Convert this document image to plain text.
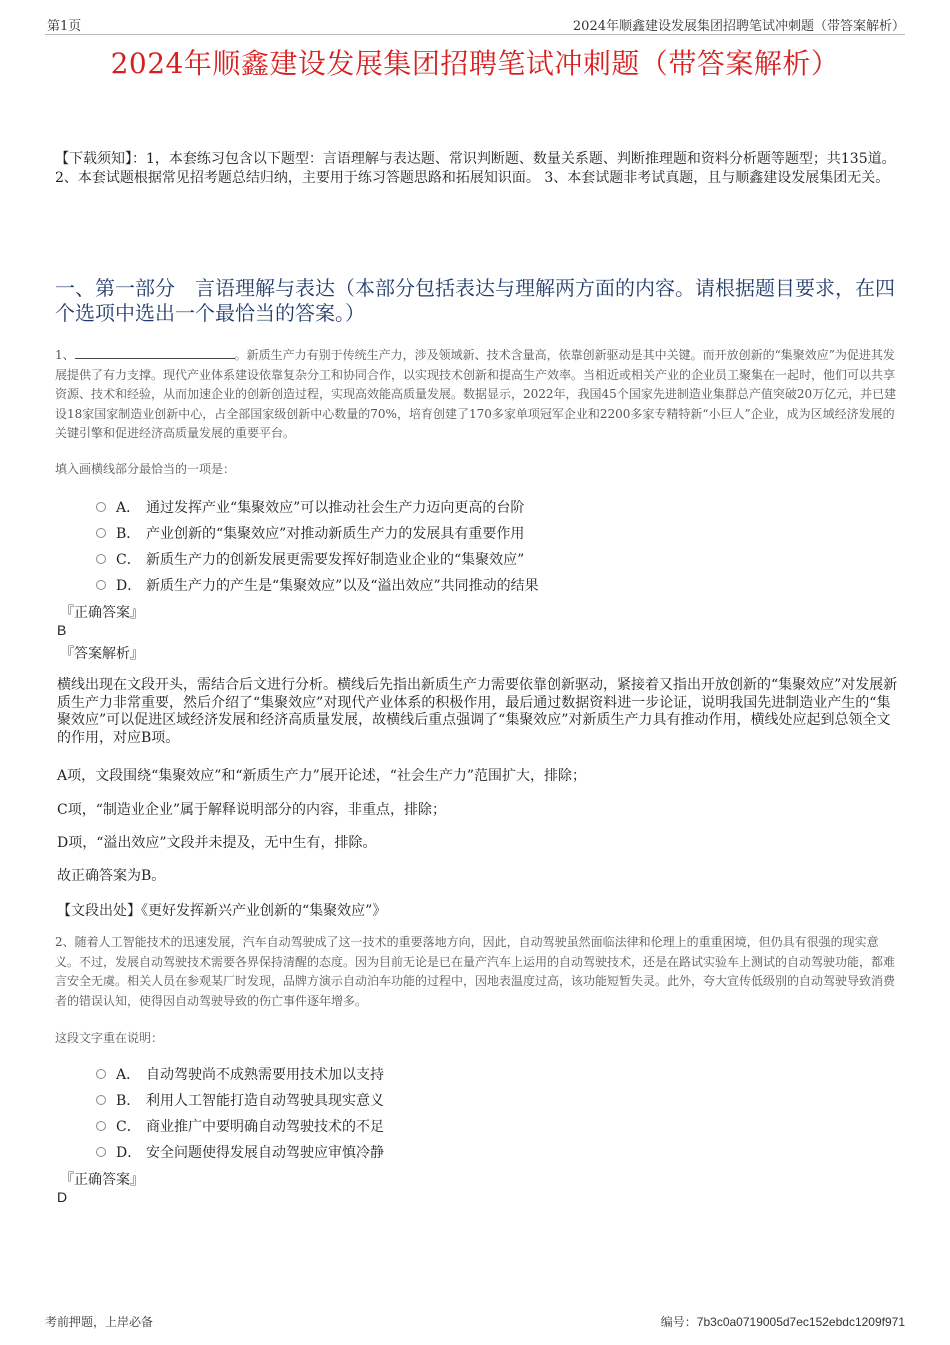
第1页	2024年顺鑫建设发展集团招聘笔试冲刺题（带答案解析）
2024年顺鑫建设发展集团招聘笔试冲刺题（带答案解析）
【下载须知】：1，本套练习包含以下题型：言语理解与表达题、常识判断题、数量关系题、判断推理题和资料分析题等题型；共135道。 2、本套试题根据常见招考题总结归纳，主要用于练习答题思路和拓展知识面。 3、本套试题非考试真题，且与顺鑫建设发展集团无关。
一、第一部分　言语理解与表达（本部分包括表达与理解两方面的内容。请根据题目要求，在四个选项中选出一个最恰当的答案。）
1、	。新质生产力有别于传统生产力，涉及领域新、技术含量高，依靠创新驱动是其中关键。而开放创新的“集聚效应”为促进其发展提供了有力支撑。现代产业体系建设依靠复杂分工和协同合作，以实现技术创新和提高生产效率。当相近或相关产业的企业员工聚集在一起时，他们可以共享资源、技术和经验，从而加速企业的创新创造过程，实现高效能高质量发展。数据显示，2022年，我国45个国家先进制造业集群总产值突破20万亿元，并已建设18家国家制造业创新中心，占全部国家级创新中心数量的70%，培育创建了170多家单项冠军企业和2200多家专精特新“小巨人”企业，成为区域经济发展的关键引擎和促进经济高质量发展的重要平台。
填入画横线部分最恰当的一项是：
A． 通过发挥产业“集聚效应”可以推动社会生产力迈向更高的台阶
B． 产业创新的“集聚效应”对推动新质生产力的发展具有重要作用
C． 新质生产力的创新发展更需要发挥好制造业企业的“集聚效应”
D． 新质生产力的产生是“集聚效应”以及“溢出效应”共同推动的结果
『正确答案』
B
『答案解析』
横线出现在文段开头，需结合后文进行分析。横线后先指出新质生产力需要依靠创新驱动，紧接着又指出开放创新的“集聚效应”对发展新质生产力非常重要，然后介绍了“集聚效应”对现代产业体系的积极作用，最后通过数据资料进一步论证，说明我国先进制造业产生的“集聚效应”可以促进区域经济发展和经济高质量发展，故横线后重点强调了“集聚效应”对新质生产力具有推动作用，横线处应起到总领全文的作用，对应B项。
A项，文段围绕“集聚效应”和“新质生产力”展开论述，“社会生产力”范围扩大，排除；
C项，“制造业企业”属于解释说明部分的内容，非重点，排除；
D项，“溢出效应”文段并未提及，无中生有，排除。
故正确答案为B。
【文段出处】《更好发挥新兴产业创新的“集聚效应”》
2、随着人工智能技术的迅速发展，汽车自动驾驶成了这一技术的重要落地方向，因此，自动驾驶虽然面临法律和伦理上的重重困境，但仍具有很强的现实意义。不过，发展自动驾驶技术需要各界保持清醒的态度。因为目前无论是已在量产汽车上运用的自动驾驶技术，还是在路试实验车上测试的自动驾驶功能，都难言安全无虞。相关人员在参观某厂时发现，品牌方演示自动泊车功能的过程中，因地表温度过高，该功能短暂失灵。此外，夸大宣传低级别的自动驾驶导致消费者的错误认知，使得因自动驾驶导致的伤亡事件逐年增多。
这段文字重在说明：
A． 自动驾驶尚不成熟需要用技术加以支持
B． 利用人工智能打造自动驾驶具现实意义
C． 商业推广中要明确自动驾驶技术的不足
D． 安全问题使得发展自动驾驶应审慎冷静
『正确答案』
D
考前押题，上岸必备	编号：7b3c0a0719005d7ec152ebdc1209f971
